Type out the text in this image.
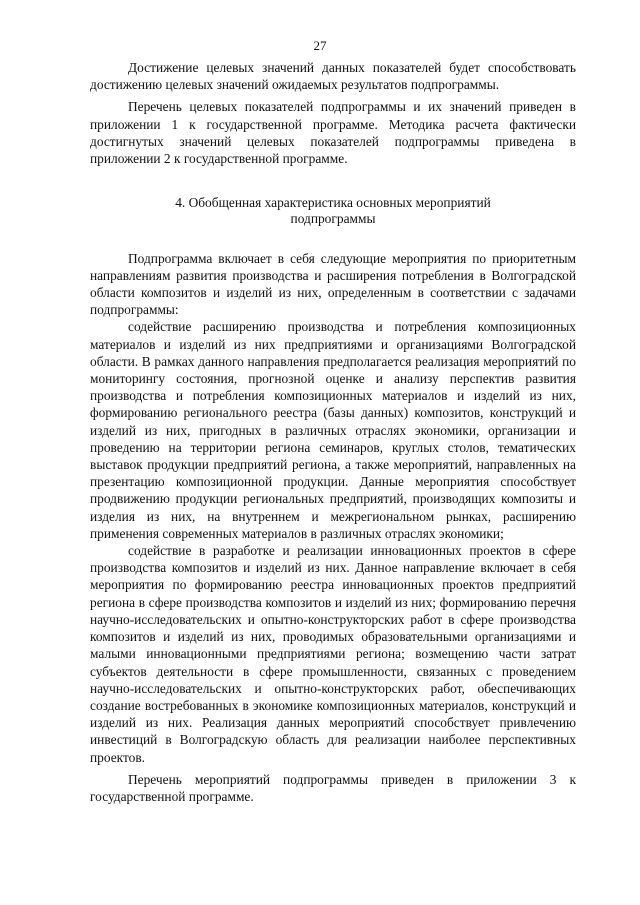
27

Достижение целевых значений данных показателей будет способствовать достижению целевых значений ожидаемых результатов подпрограммы.

Перечень целевых показателей подпрограммы и их значений приведен в приложении 1 к государственной программе. Методика расчета фактически достигнутых значений целевых показателей подпрограммы приведена в приложении 2 к государственной программе.

4. Обобщенная характеристика основных мероприятий
подпрограммы

Подпрограмма включает в себя следующие мероприятия по приоритетным направлениям развития производства и расширения потребления в Волгоградской области композитов и изделий из них, определенным в соответствии с задачами подпрограммы:

содействие расширению производства и потребления композиционных материалов и изделий из них предприятиями и организациями Волгоградской области. В рамках данного направления предполагается реализация мероприятий по мониторингу состояния, прогнозной оценке и анализу перспектив развития производства и потребления композиционных материалов и изделий из них, формированию регионального реестра (базы данных) композитов, конструкций и изделий из них, пригодных в различных отраслях экономики, организации и проведению на территории региона семинаров, круглых столов, тематических выставок продукции предприятий региона, а также мероприятий, направленных на презентацию композиционной продукции. Данные мероприятия способствует продвижению продукции региональных предприятий, производящих композиты и изделия из них, на внутреннем и межрегиональном рынках, расширению применения современных материалов в различных отраслях экономики;

содействие в разработке и реализации инновационных проектов в сфере производства композитов и изделий из них. Данное направление включает в себя мероприятия по формированию реестра инновационных проектов предприятий региона в сфере производства композитов и изделий из них; формированию перечня научно-исследовательских и опытно-конструкторских работ в сфере производства композитов и изделий из них, проводимых образовательными организациями и малыми инновационными предприятиями региона; возмещению части затрат субъектов деятельности в сфере промышленности, связанных с проведением научно-исследовательских и опытно-конструкторских работ, обеспечивающих создание востребованных в экономике композиционных материалов, конструкций и изделий из них. Реализация данных мероприятий способствует привлечению инвестиций в Волгоградскую область для реализации наиболее перспективных проектов.

Перечень мероприятий подпрограммы приведен в приложении 3 к государственной программе.
